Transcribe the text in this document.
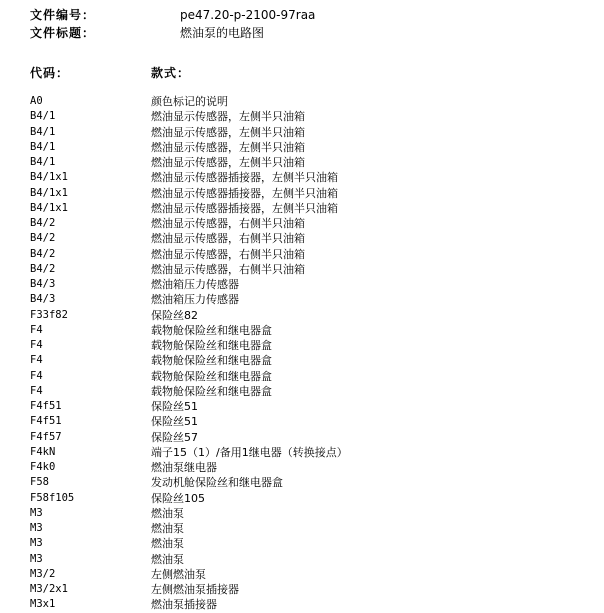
文件编号：	pe47.20-p-2100-97raa
文件标题：	燃油泵的电路图
代码：	款式：
A0	颜色标记的说明
B4/1	燃油显示传感器，左侧半只油箱
B4/1	燃油显示传感器，左侧半只油箱
B4/1	燃油显示传感器，左侧半只油箱
B4/1	燃油显示传感器，左侧半只油箱
B4/1x1	燃油显示传感器插接器，左侧半只油箱
B4/1x1	燃油显示传感器插接器，左侧半只油箱
B4/1x1	燃油显示传感器插接器，左侧半只油箱
B4/2	燃油显示传感器，右侧半只油箱
B4/2	燃油显示传感器，右侧半只油箱
B4/2	燃油显示传感器，右侧半只油箱
B4/2	燃油显示传感器，右侧半只油箱
B4/3	燃油箱压力传感器
B4/3	燃油箱压力传感器
F33f82	保险丝82
F4	载物舱保险丝和继电器盒
F4	载物舱保险丝和继电器盒
F4	载物舱保险丝和继电器盒
F4	载物舱保险丝和继电器盒
F4	载物舱保险丝和继电器盒
F4f51	保险丝51
F4f51	保险丝51
F4f57	保险丝57
F4kN	端子15（1）/备用1继电器（转换接点）
F4k0	燃油泵继电器
F58	发动机舱保险丝和继电器盒
F58f105	保险丝105
M3	燃油泵
M3	燃油泵
M3	燃油泵
M3	燃油泵
M3/2	左侧燃油泵
M3/2x1	左侧燃油泵插接器
M3x1	燃油泵插接器
